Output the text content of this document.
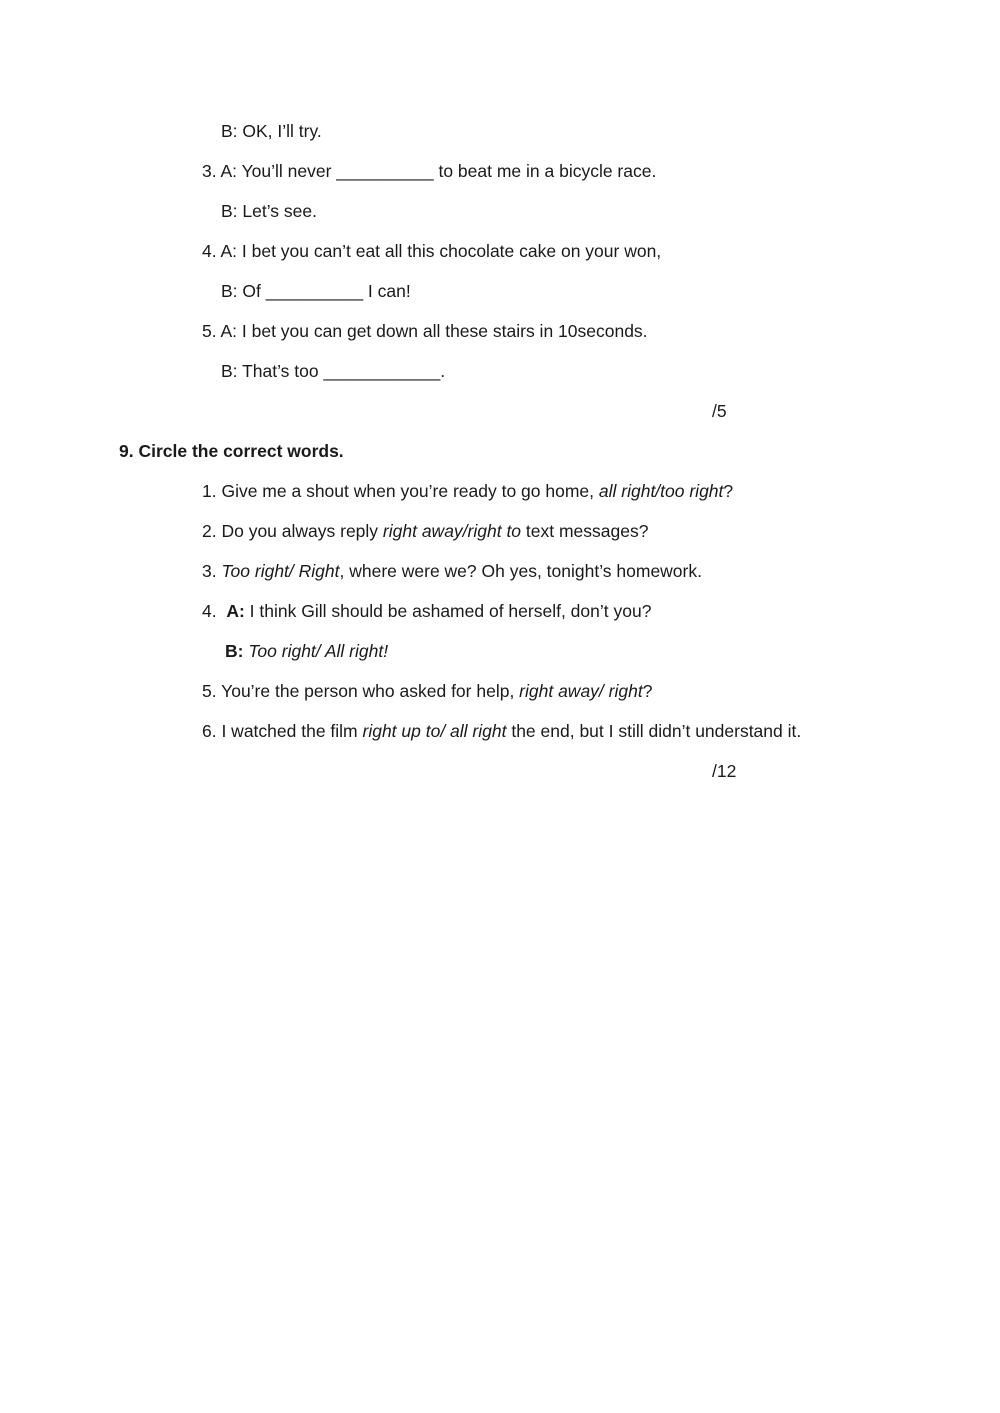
B: OK, I’ll try.
3. A: You’ll never __________ to beat me in a bicycle race.
B: Let’s see.
4. A: I bet you can’t eat all this chocolate cake on your won,
B: Of __________ I can!
5. A: I bet you can get down all these stairs in 10seconds.
B: That’s too ____________.
/5
9. Circle the correct words.
1. Give me a shout when you’re ready to go home, all right/too right?
2. Do you always reply right away/right to text messages?
3. Too right/ Right, where were we? Oh yes, tonight’s homework.
4.  A: I think Gill should be ashamed of herself, don’t you?
B: Too right/ All right!
5. You’re the person who asked for help, right away/ right?
6. I watched the film right up to/ all right the end, but I still didn’t understand it.
/12
